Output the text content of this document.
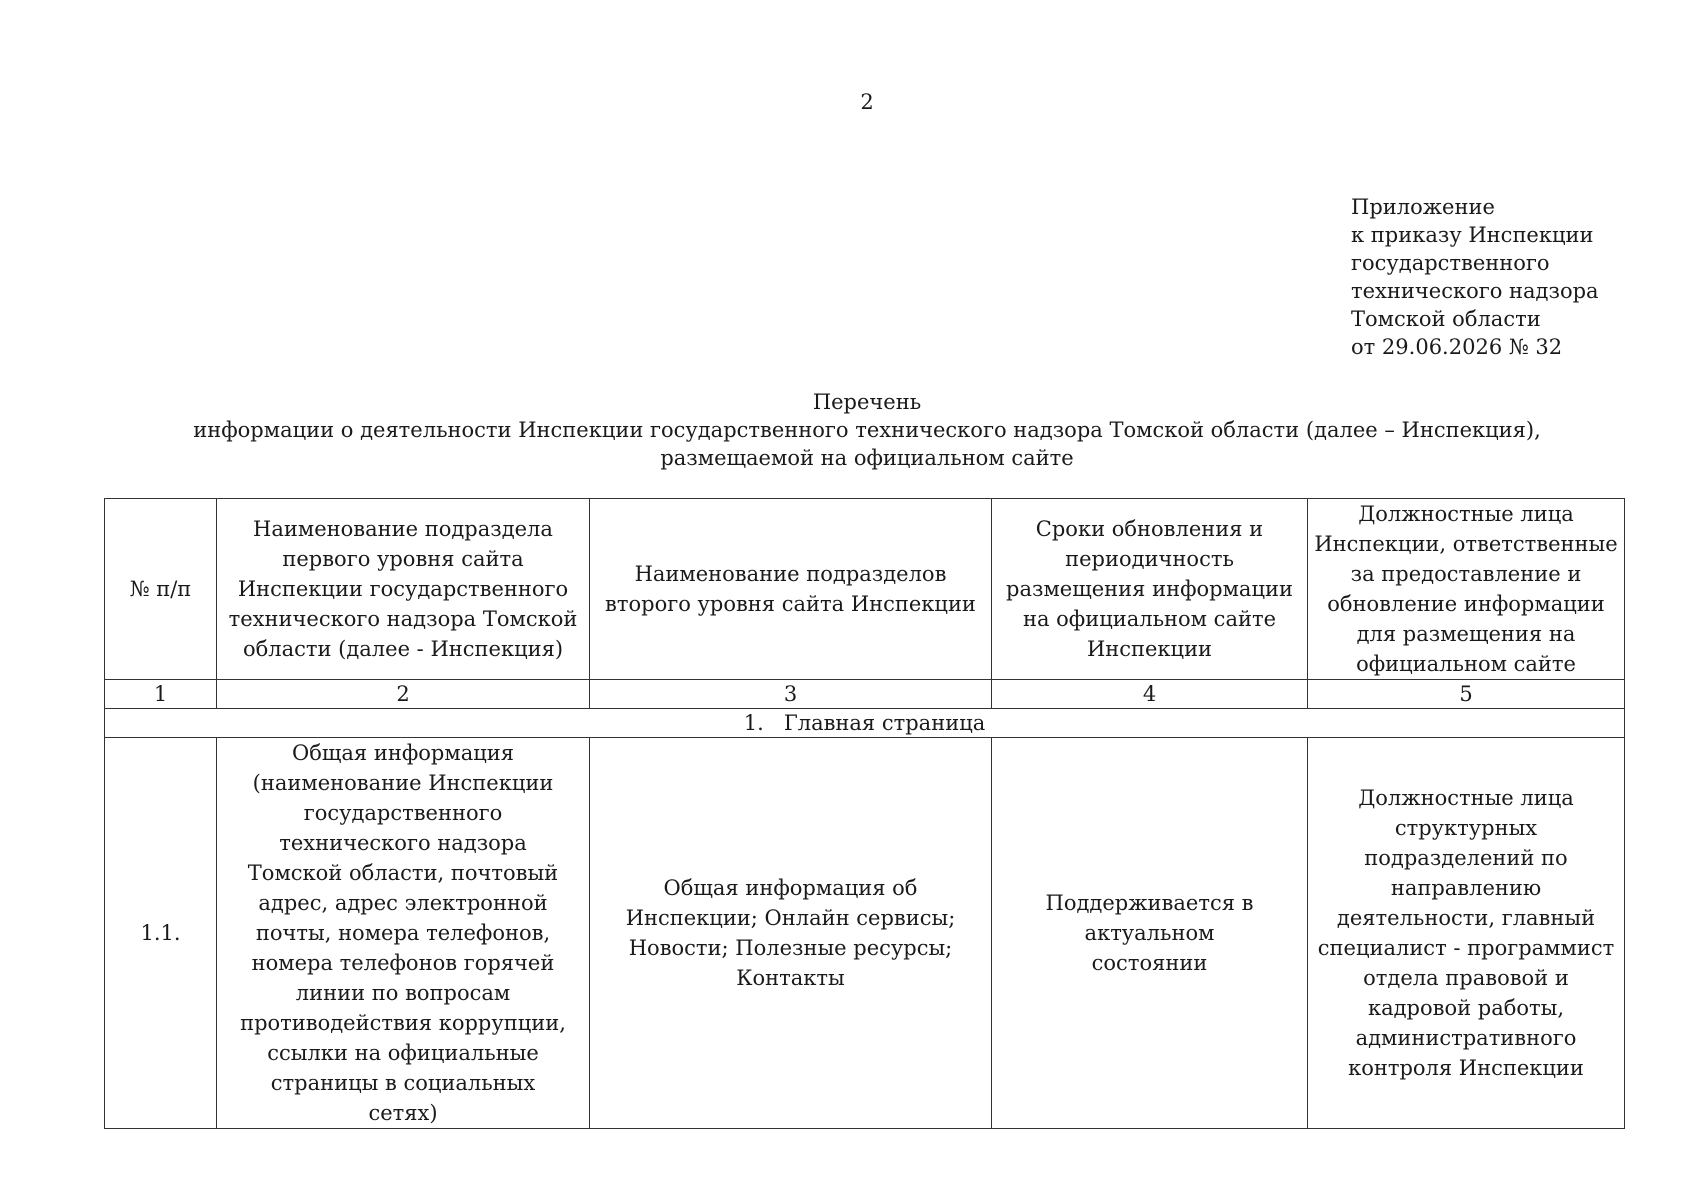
2
Приложение
к приказу Инспекции
государственного
технического надзора
Томской области
от 29.06.2026 № 32
Перечень
информации о деятельности Инспекции государственного технического надзора Томской области (далее – Инспекция), размещаемой на официальном сайте
№ п/п	Наименование подраздела первого уровня сайта Инспекции государственного технического надзора Томской области (далее - Инспекция)	Наименование подразделов второго уровня сайта Инспекции	Сроки обновления и периодичность размещения информации на официальном сайте Инспекции	Должностные лица Инспекции, ответственные за предоставление и обновление информации для размещения на официальном сайте
1	2	3	4	5
1.   Главная страница				
1.1.	Общая информация (наименование Инспекции государственного технического надзора Томской области, почтовый адрес, адрес электронной почты, номера телефонов, номера телефонов горячей линии по вопросам противодействия коррупции, ссылки на официальные страницы в социальных сетях)	Общая информация об Инспекции; Онлайн сервисы; Новости; Полезные ресурсы; Контакты	Поддерживается в актуальном состоянии	Должностные лица структурных подразделений по направлению деятельности, главный специалист - программист отдела правовой и кадровой работы, административного контроля Инспекции
